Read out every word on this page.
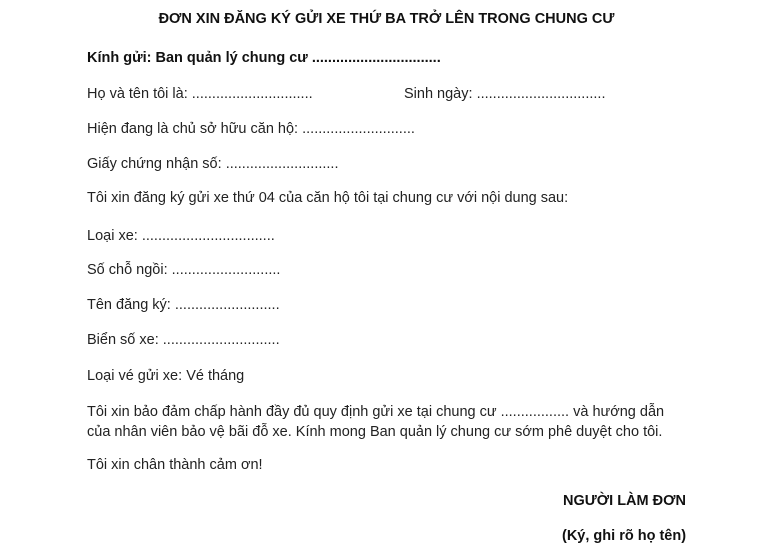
ĐƠN XIN ĐĂNG KÝ GỬI XE THỨ BA TRỞ LÊN TRONG CHUNG CƯ
Kính gửi: Ban quản lý chung cư ................................
Họ và tên tôi là: ..............................	Sinh ngày: ................................
Hiện đang là chủ sở hữu căn hộ: ............................
Giấy chứng nhận số: ............................
Tôi xin đăng ký gửi xe thứ 04 của căn hộ tôi tại chung cư với nội dung sau:
Loại xe: .................................
Số chỗ ngồi: ...........................
Tên đăng ký: ..........................
Biển số xe: .............................
Loại vé gửi xe: Vé tháng
Tôi xin bảo đảm chấp hành đầy đủ quy định gửi xe tại chung cư ................. và hướng dẫn
của nhân viên bảo vệ bãi đỗ xe. Kính mong Ban quản lý chung cư sớm phê duyệt cho tôi.
Tôi xin chân thành cảm ơn!
NGƯỜI LÀM ĐƠN
(Ký, ghi rõ họ tên)
